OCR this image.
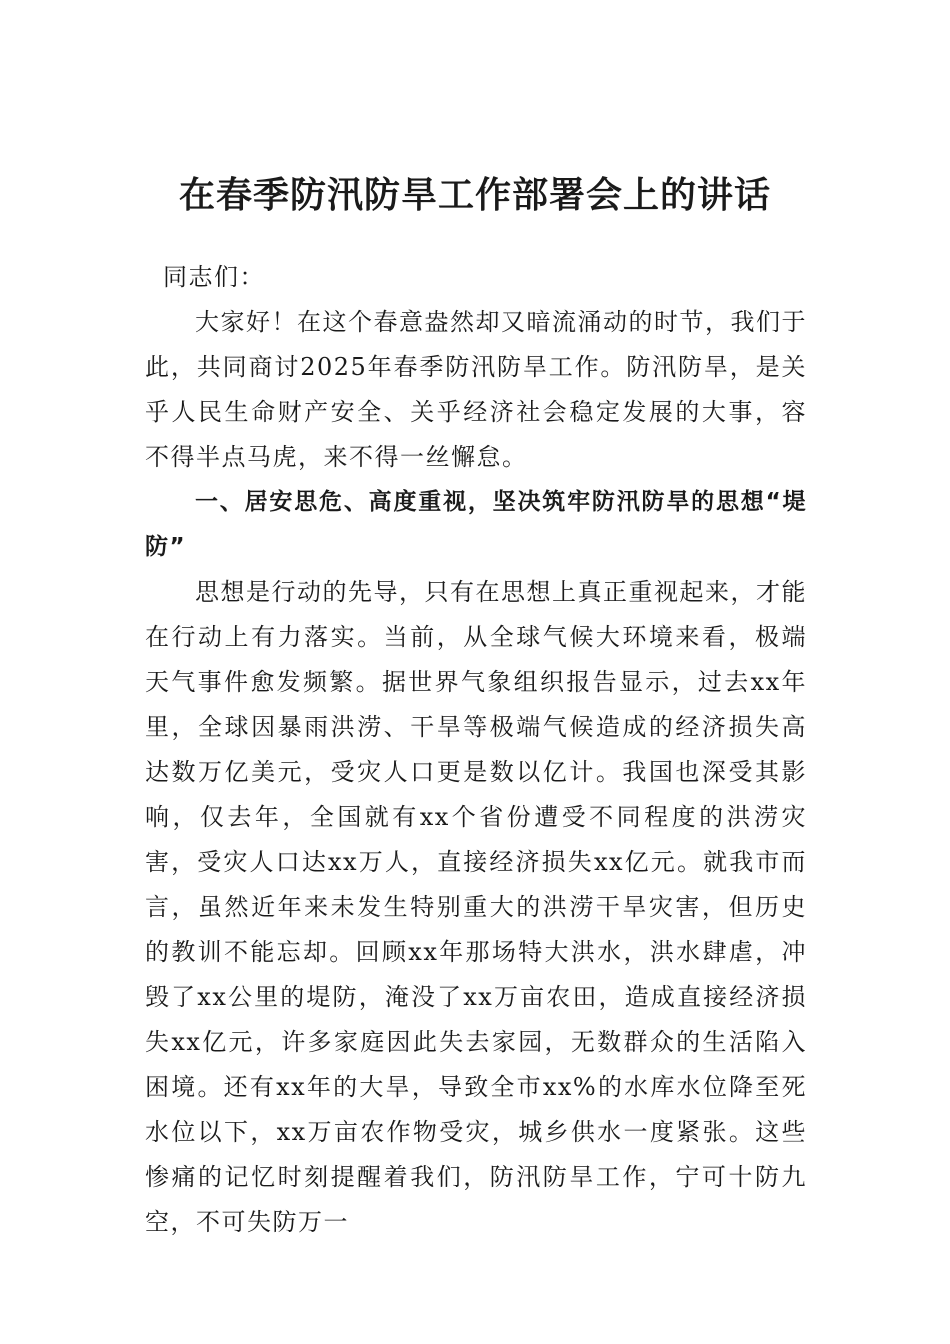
在春季防汛防旱工作部署会上的讲话

同志们：

大家好！在这个春意盎然却又暗流涌动的时节，我们于此，共同商讨2025年春季防汛防旱工作。防汛防旱，是关乎人民生命财产安全、关乎经济社会稳定发展的大事，容不得半点马虎，来不得一丝懈怠。

一、居安思危、高度重视，坚决筑牢防汛防旱的思想“堤防”

思想是行动的先导，只有在思想上真正重视起来，才能在行动上有力落实。当前，从全球气候大环境来看，极端天气事件愈发频繁。据世界气象组织报告显示，过去xx年里，全球因暴雨洪涝、干旱等极端气候造成的经济损失高达数万亿美元，受灾人口更是数以亿计。我国也深受其影响，仅去年，全国就有xx个省份遭受不同程度的洪涝灾害，受灾人口达xx万人，直接经济损失xx亿元。就我市而言，虽然近年来未发生特别重大的洪涝干旱灾害，但历史的教训不能忘却。回顾xx年那场特大洪水，洪水肆虐，冲毁了xx公里的堤防，淹没了xx万亩农田，造成直接经济损失xx亿元，许多家庭因此失去家园，无数群众的生活陷入困境。还有xx年的大旱，导致全市xx%的水库水位降至死水位以下，xx万亩农作物受灾，城乡供水一度紧张。这些惨痛的记忆时刻提醒着我们，防汛防旱工作，宁可十防九空，不可失防万一
